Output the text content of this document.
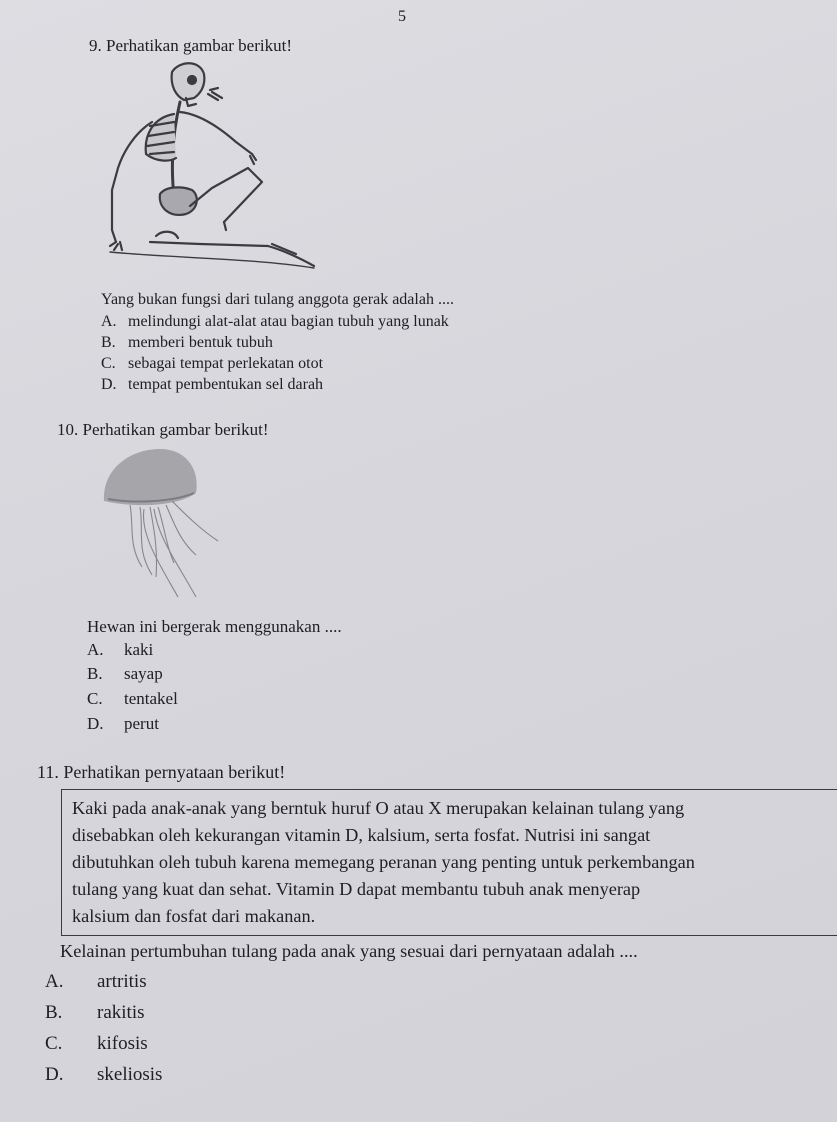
5
9. Perhatikan gambar berikut!
Yang bukan fungsi dari tulang anggota gerak adalah ....
A. melindungi alat-alat atau bagian tubuh yang lunak
B. memberi bentuk tubuh
C. sebagai tempat perlekatan otot
D. tempat pembentukan sel darah
10. Perhatikan gambar berikut!
Hewan ini bergerak menggunakan ....
A. kaki
B. sayap
C. tentakel
D. perut
11. Perhatikan pernyataan berikut!
Kaki pada anak-anak yang berntuk huruf O atau X merupakan kelainan tulang yang
disebabkan oleh kekurangan vitamin D, kalsium, serta fosfat. Nutrisi ini sangat
dibutuhkan oleh tubuh karena memegang peranan yang penting untuk perkembangan
tulang yang kuat dan sehat. Vitamin D dapat membantu tubuh anak menyerap
kalsium dan fosfat dari makanan.
Kelainan pertumbuhan tulang pada anak yang sesuai dari pernyataan adalah ....
A. artritis
B. rakitis
C. kifosis
D. skeliosis
